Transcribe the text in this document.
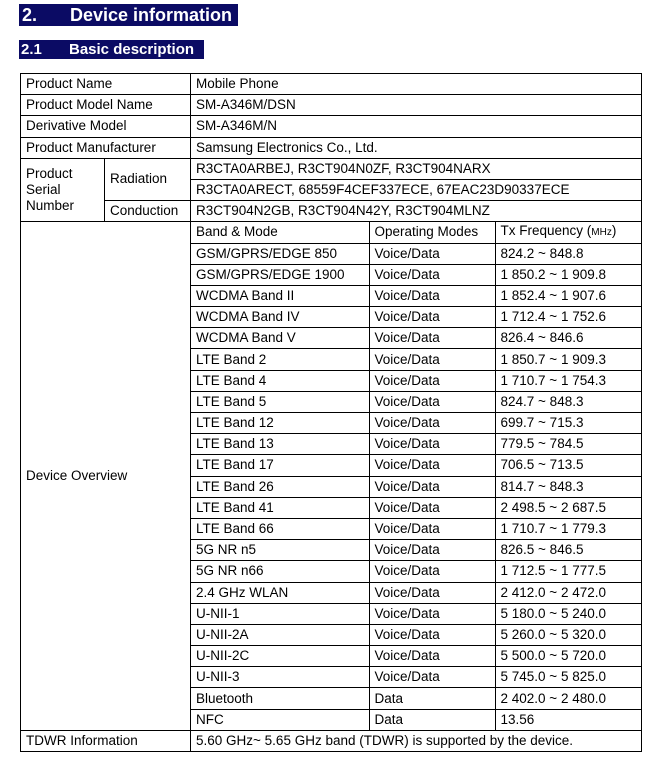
2. Device information
2.1 Basic description
Product Name	Mobile Phone
Product Model Name	SM-A346M/DSN
Derivative Model	SM-A346M/N
Product Manufacturer	Samsung Electronics Co., Ltd.
Product Serial Number	Radiation	R3CTA0ARBEJ, R3CT904N0ZF, R3CT904NARX
R3CTA0ARECT, 68559F4CEF337ECE, 67EAC23D90337ECE
Conduction	R3CT904N2GB, R3CT904N42Y, R3CT904MLNZ
Device Overview	
Band & Mode	Operating Modes	Tx Frequency (MHz)
GSM/GPRS/EDGE 850	Voice/Data	824.2 ~ 848.8
GSM/GPRS/EDGE 1900	Voice/Data	1 850.2 ~ 1 909.8
WCDMA Band II	Voice/Data	1 852.4 ~ 1 907.6
WCDMA Band IV	Voice/Data	1 712.4 ~ 1 752.6
WCDMA Band V	Voice/Data	826.4 ~ 846.6
LTE Band 2	Voice/Data	1 850.7 ~ 1 909.3
LTE Band 4	Voice/Data	1 710.7 ~ 1 754.3
LTE Band 5	Voice/Data	824.7 ~ 848.3
LTE Band 12	Voice/Data	699.7 ~ 715.3
LTE Band 13	Voice/Data	779.5 ~ 784.5
LTE Band 17	Voice/Data	706.5 ~ 713.5
LTE Band 26	Voice/Data	814.7 ~ 848.3
LTE Band 41	Voice/Data	2 498.5 ~ 2 687.5
LTE Band 66	Voice/Data	1 710.7 ~ 1 779.3
5G NR n5	Voice/Data	826.5 ~ 846.5
5G NR n66	Voice/Data	1 712.5 ~ 1 777.5
2.4 GHz WLAN	Voice/Data	2 412.0 ~ 2 472.0
U-NII-1	Voice/Data	5 180.0 ~ 5 240.0
U-NII-2A	Voice/Data	5 260.0 ~ 5 320.0
U-NII-2C	Voice/Data	5 500.0 ~ 5 720.0
U-NII-3	Voice/Data	5 745.0 ~ 5 825.0
Bluetooth	Data	2 402.0 ~ 2 480.0
NFC	Data	13.56

TDWR Information	5.60 GHz~ 5.65 GHz band (TDWR) is supported by the device.
